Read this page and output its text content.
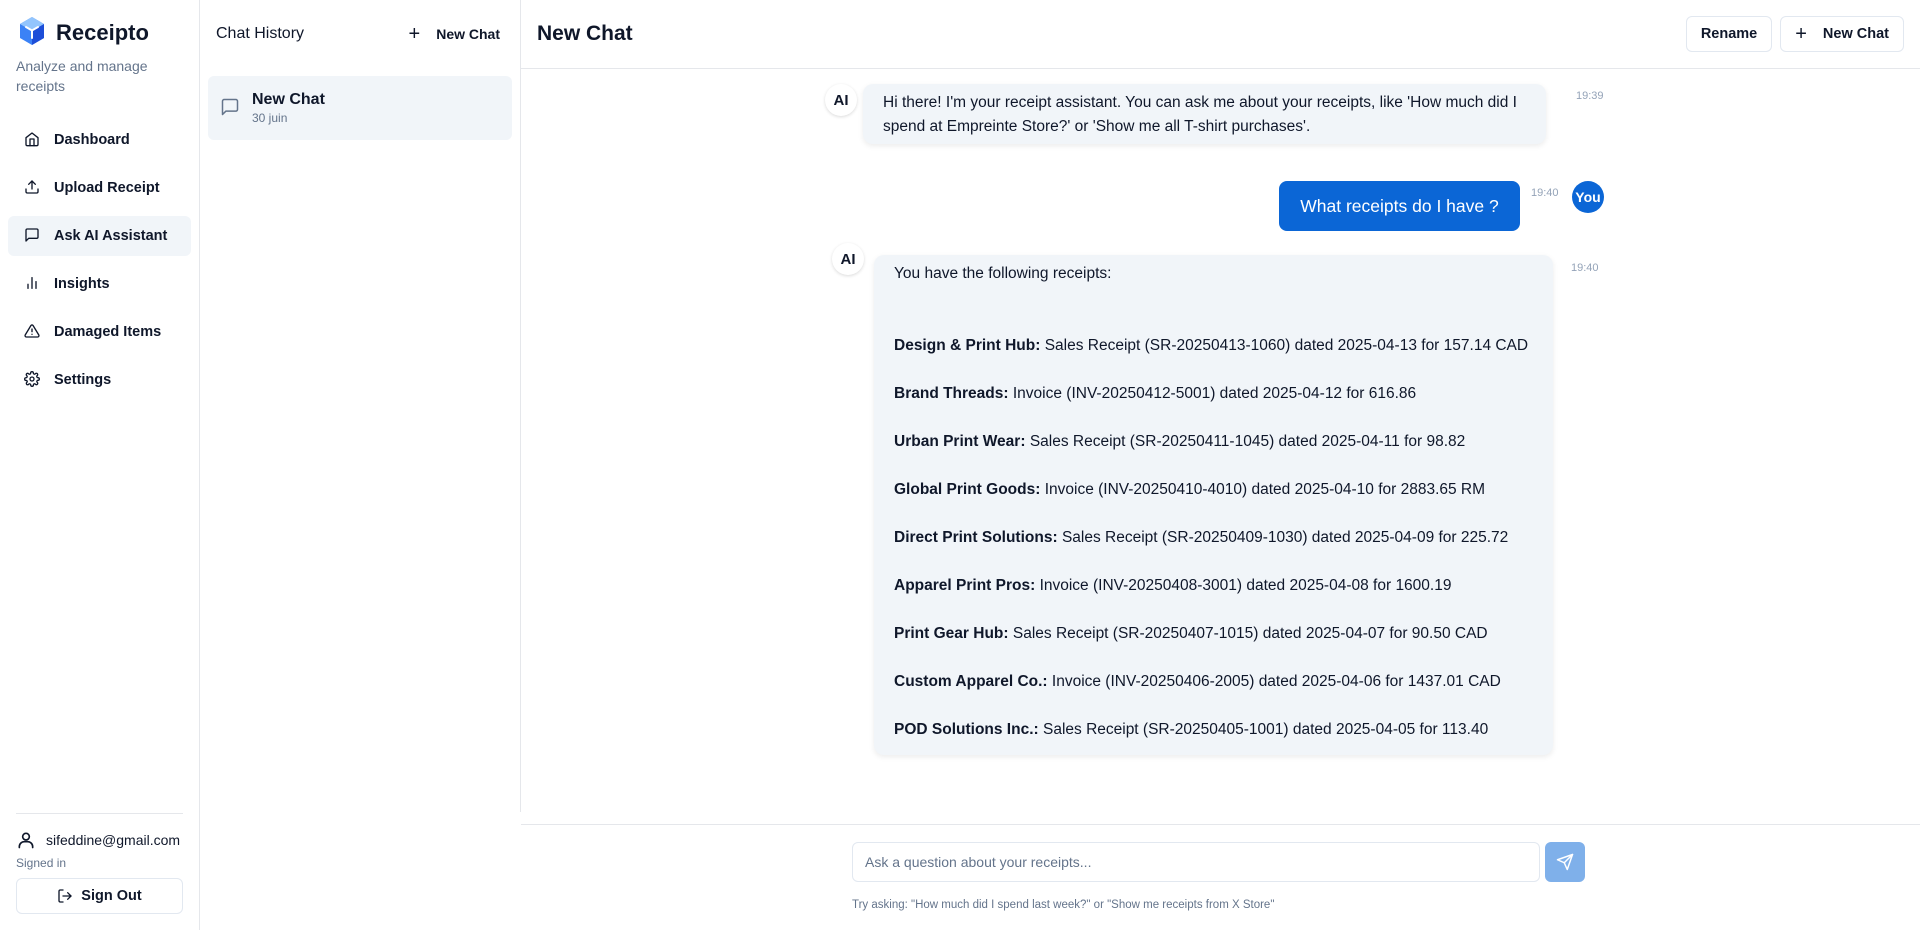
Receipto
Analyze and manage receipts
Dashboard
Upload Receipt
Ask AI Assistant
Insights
Damaged Items
Settings
sifeddine@gmail.com
Signed in
Sign Out
Chat History	+ New Chat
New Chat
30 juin
New Chat	Rename + New Chat
AI	Hi there! I'm your receipt assistant. You can ask me about your receipts, like 'How much did I spend at Empreinte Store?' or 'Show me all T-shirt purchases'.
19:39
19:40
What receipts do I have ?	You
AI
You have the following receipts:
Design & Print Hub: Sales Receipt (SR-20250413-1060) dated 2025-04-13 for 157.14 CAD
Brand Threads: Invoice (INV-20250412-5001) dated 2025-04-12 for 616.86
Urban Print Wear: Sales Receipt (SR-20250411-1045) dated 2025-04-11 for 98.82
Global Print Goods: Invoice (INV-20250410-4010) dated 2025-04-10 for 2883.65 RM
Direct Print Solutions: Sales Receipt (SR-20250409-1030) dated 2025-04-09 for 225.72
Apparel Print Pros: Invoice (INV-20250408-3001) dated 2025-04-08 for 1600.19
Print Gear Hub: Sales Receipt (SR-20250407-1015) dated 2025-04-07 for 90.50 CAD
Custom Apparel Co.: Invoice (INV-20250406-2005) dated 2025-04-06 for 1437.01 CAD
POD Solutions Inc.: Sales Receipt (SR-20250405-1001) dated 2025-04-05 for 113.40
19:40
Ask a question about your receipts...
Try asking: "How much did I spend last week?" or "Show me receipts from X Store"
